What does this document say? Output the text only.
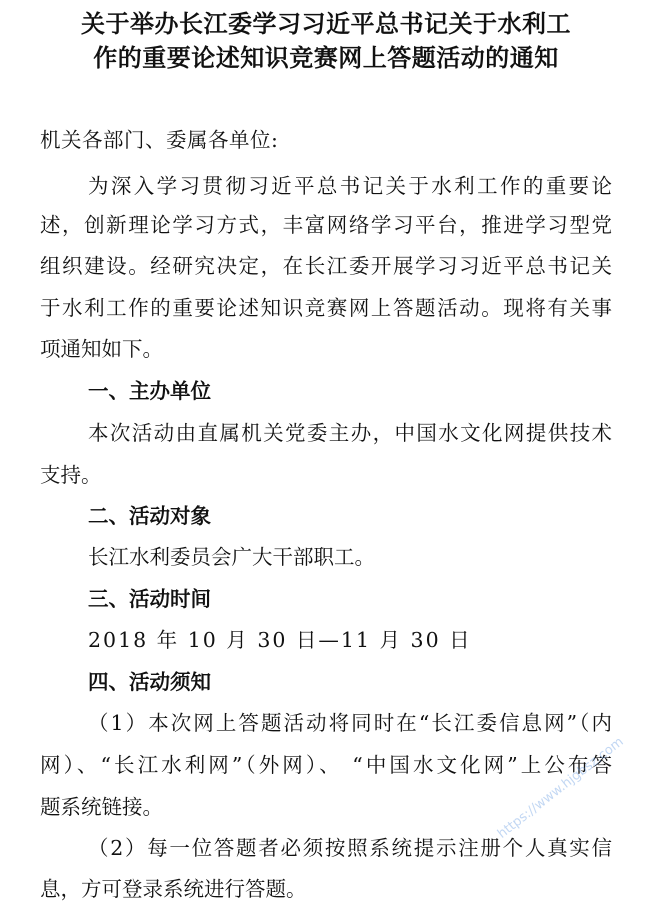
关于举办长江委学习习近平总书记关于水利工
作的重要论述知识竞赛网上答题活动的通知
机关各部门、委属各单位:
为深入学习贯彻习近平总书记关于水利工作的重要论
述，创新理论学习方式，丰富网络学习平台，推进学习型党
组织建设。经研究决定，在长江委开展学习习近平总书记关
于水利工作的重要论述知识竞赛网上答题活动。现将有关事
项通知如下。
一、主办单位
本次活动由直属机关党委主办，中国水文化网提供技术
支持。
二、活动对象
长江水利委员会广大干部职工。
三、活动时间
2018 年 10 月 30 日—11 月 30 日
四、活动须知
（1）本次网上答题活动将同时在“长江委信息网”（内
网）、“长江水利网”（外网）、 “中国水文化网”上公布答
题系统链接。
（2）每一位答题者必须按照系统提示注册个人真实信
息，方可登录系统进行答题。
https://www.hjgbsz.com
